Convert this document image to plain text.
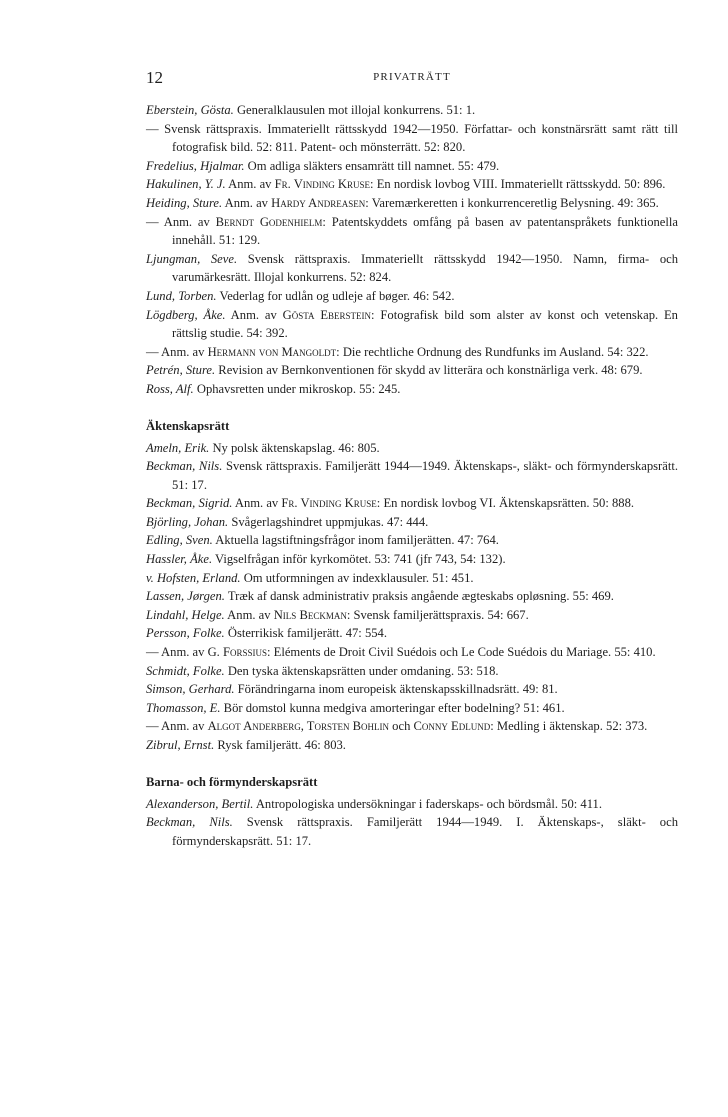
12	PRIVATRÄTT
Eberstein, Gösta. Generalklausulen mot illojal konkurrens. 51: 1.
— Svensk rättspraxis. Immateriellt rättsskydd 1942—1950. Författar- och konstnärsrätt samt rätt till fotografisk bild. 52: 811. Patent- och mönsterrätt. 52: 820.
Fredelius, Hjalmar. Om adliga släkters ensamrätt till namnet. 55: 479.
Hakulinen, Y. J. Anm. av Fr. Vinding Kruse: En nordisk lovbog VIII. Immateriellt rättsskydd. 50: 896.
Heiding, Sture. Anm. av Hardy Andreasen: Varemærkeretten i konkurrenceretlig Belysning. 49: 365.
— Anm. av Berndt Godenhielm: Patentskyddets omfång på basen av patentanspråkets funktionella innehåll. 51: 129.
Ljungman, Seve. Svensk rättspraxis. Immateriellt rättsskydd 1942—1950. Namn, firma- och varumärkesrätt. Illojal konkurrens. 52: 824.
Lund, Torben. Vederlag for udlån og udleje af bøger. 46: 542.
Lögdberg, Åke. Anm. av Gösta Eberstein: Fotografisk bild som alster av konst och vetenskap. En rättslig studie. 54: 392.
— Anm. av Hermann von Mangoldt: Die rechtliche Ordnung des Rundfunks im Ausland. 54: 322.
Petrén, Sture. Revision av Bernkonventionen för skydd av litterära och konstnärliga verk. 48: 679.
Ross, Alf. Ophavsretten under mikroskop. 55: 245.
Äktenskapsrätt
Ameln, Erik. Ny polsk äktenskapslag. 46: 805.
Beckman, Nils. Svensk rättspraxis. Familjerätt 1944—1949. Äktenskaps-, släkt- och förmynderskapsrätt. 51: 17.
Beckman, Sigrid. Anm. av Fr. Vinding Kruse: En nordisk lovbog VI. Äktenskapsrätten. 50: 888.
Björling, Johan. Svågerlagshindret uppmjukas. 47: 444.
Edling, Sven. Aktuella lagstiftningsfrågor inom familjerätten. 47: 764.
Hassler, Åke. Vigselfrågan inför kyrkomötet. 53: 741 (jfr 743, 54: 132).
v. Hofsten, Erland. Om utformningen av indexklausuler. 51: 451.
Lassen, Jørgen. Træk af dansk administrativ praksis angående ægteskabs opløsning. 55: 469.
Lindahl, Helge. Anm. av Nils Beckman: Svensk familjerättspraxis. 54: 667.
Persson, Folke. Österrikisk familjerätt. 47: 554.
— Anm. av G. Forssius: Eléments de Droit Civil Suédois och Le Code Suédois du Mariage. 55: 410.
Schmidt, Folke. Den tyska äktenskapsrätten under omdaning. 53: 518.
Simson, Gerhard. Förändringarna inom europeisk äktenskapsskillnadsrätt. 49: 81.
Thomasson, E. Bör domstol kunna medgiva amorteringar efter bodelning? 51: 461.
— Anm. av Algot Anderberg, Torsten Bohlin och Conny Edlund: Medling i äktenskap. 52: 373.
Zibrul, Ernst. Rysk familjerätt. 46: 803.
Barna- och förmynderskapsrätt
Alexanderson, Bertil. Antropologiska undersökningar i faderskaps- och bördsmål. 50: 411.
Beckman, Nils. Svensk rättspraxis. Familjerätt 1944—1949. I. Äktenskaps-, släkt- och förmynderskapsrätt. 51: 17.
